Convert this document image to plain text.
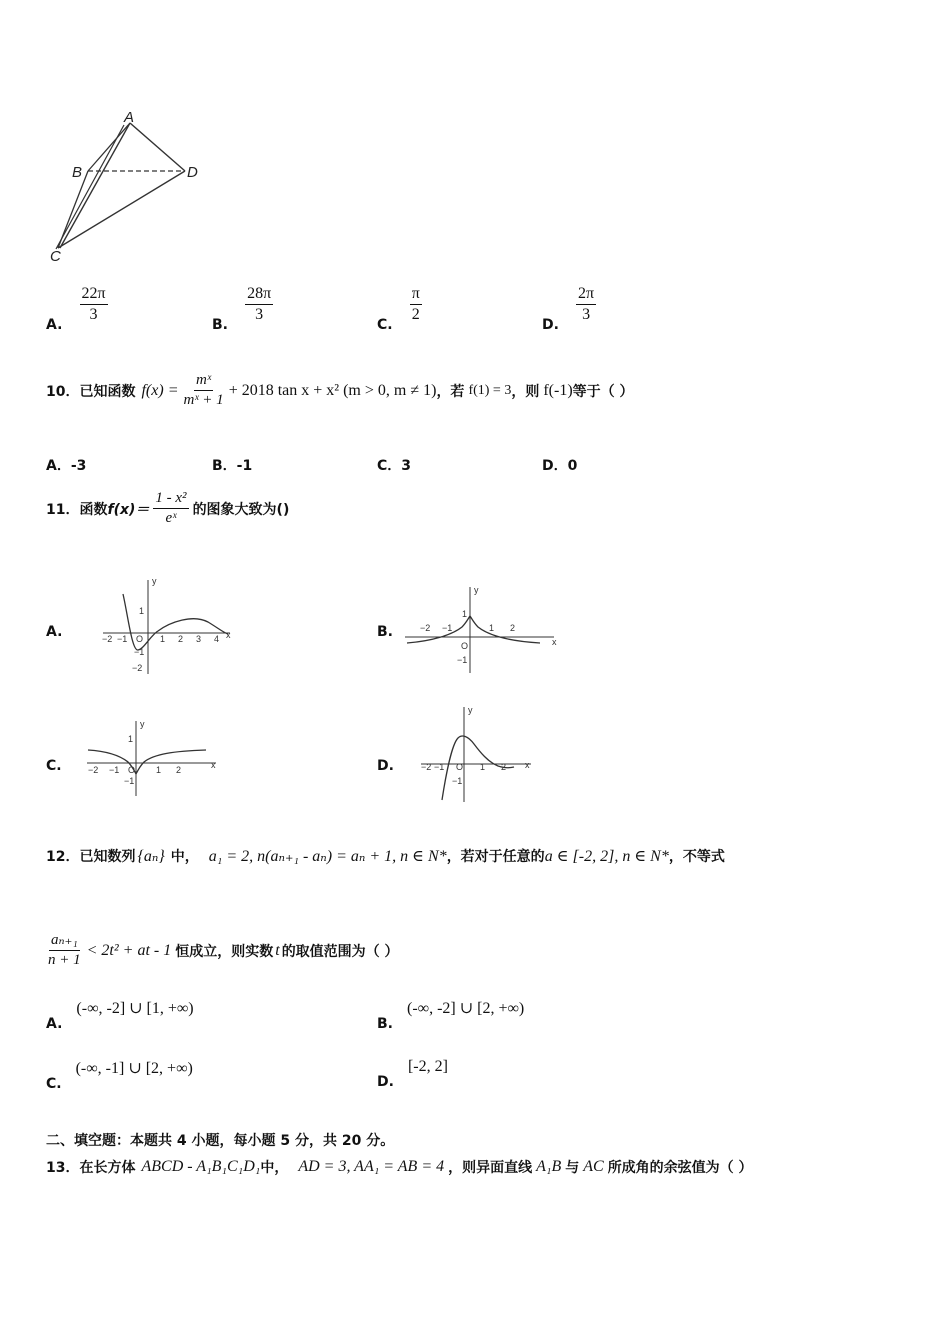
A
B	D
C
A.
$\frac{22\pi}{3}$
B.
$\frac{28\pi}{3}$
C.
$\frac{\pi}{2}$
D.
$\frac{2\pi}{3}$
10．已知函数 $f(x) = \frac{\text{mˣ}}{\text{mˣ + 1}} + 2018$ tan x + x² (m > 0, m ≠ 1) ，若 f(1) = 3 ，则 f(-1) 等于（ ）
A．-3	B．-1	C．3	D．0
11．函数 $f(x)= \frac{\text{1 - x²}}{\text{eˣ}}$ 的图象大致为()
A.	B.
C.	D.
y
x
−2 −1 O 1 2 3 4
1
−1
−2
y
x
−2 −1	1 2
1
O
−1
y
x
−2 −1 O 1 2
1
−1
y
x
−2 −1 O 1 2
−1
12．已知数列 {aₙ} 中， a₁ = 2, n(aₙ₊₁ - aₙ) = aₙ + 1, n ∈ N* ，若对于任意的 a ∈ [-2, 2], n ∈ N* ，不等式
$\frac{\text{aₙ₊₁}}{n + 1} < 2t^2$ + at - 1 恒成立，则实数 t 的取值范围为（ ）
A.
(-∞, -2] ∪ [1, +∞)
B.
(-∞, -2] ∪ [2, +∞)
C.
(-∞, -1] ∪ [2, +∞)
D.
[-2, 2]
二、填空题：本题共 4 小题，每小题 5 分，共 20 分。
13．在长方体 ABCD - A₁B₁C₁D₁ 中， AD = 3, AA₁ = AB = 4 ，则异面直线 A₁B 与 AC 所成角的余弦值为（ ）
